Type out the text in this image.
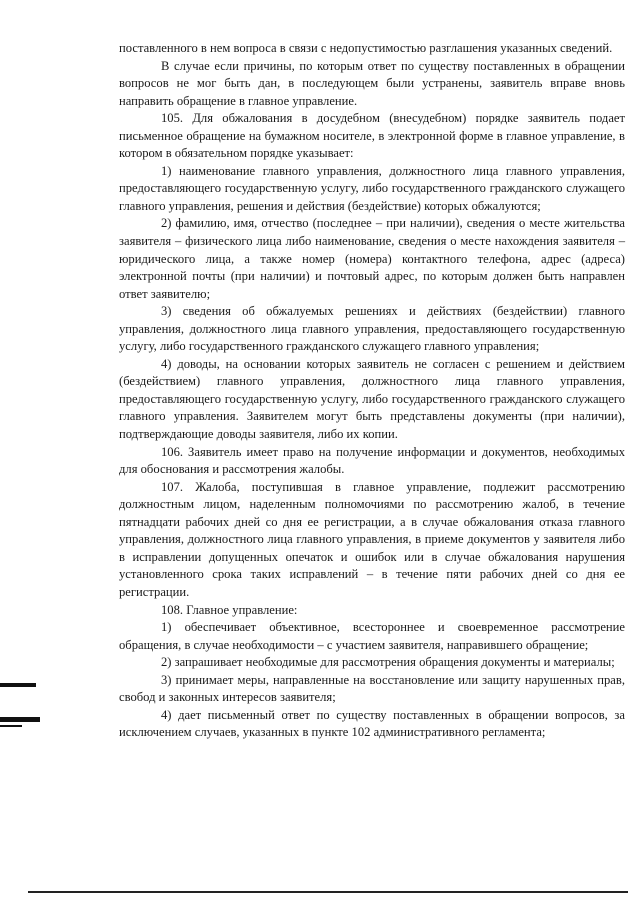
поставленного в нем вопроса в связи с недопустимостью разглашения указанных сведений.

В случае если причины, по которым ответ по существу поставленных в обращении вопросов не мог быть дан, в последующем были устранены, заявитель вправе вновь направить обращение в главное управление.

105. Для обжалования в досудебном (внесудебном) порядке заявитель подает письменное обращение на бумажном носителе, в электронной форме в главное управление, в котором в обязательном порядке указывает:

1) наименование главного управления, должностного лица главного управления, предоставляющего государственную услугу, либо государственного гражданского служащего главного управления, решения и действия (бездействие) которых обжалуются;

2) фамилию, имя, отчество (последнее – при наличии), сведения о месте жительства заявителя – физического лица либо наименование, сведения о месте нахождения заявителя – юридического лица, а также номер (номера) контактного телефона, адрес (адреса) электронной почты (при наличии) и почтовый адрес, по которым должен быть направлен ответ заявителю;

3) сведения об обжалуемых решениях и действиях (бездействии) главного управления, должностного лица главного управления, предоставляющего государственную услугу, либо государственного гражданского служащего главного управления;

4) доводы, на основании которых заявитель не согласен с решением и действием (бездействием) главного управления, должностного лица главного управления, предоставляющего государственную услугу, либо государственного гражданского служащего главного управления. Заявителем могут быть представлены документы (при наличии), подтверждающие доводы заявителя, либо их копии.

106. Заявитель имеет право на получение информации и документов, необходимых для обоснования и рассмотрения жалобы.

107. Жалоба, поступившая в главное управление, подлежит рассмотрению должностным лицом, наделенным полномочиями по рассмотрению жалоб, в течение пятнадцати рабочих дней со дня ее регистрации, а в случае обжалования отказа главного управления, должностного лица главного управления, в приеме документов у заявителя либо в исправлении допущенных опечаток и ошибок или в случае обжалования нарушения установленного срока таких исправлений – в течение пяти рабочих дней со дня ее регистрации.

108. Главное управление:

1) обеспечивает объективное, всестороннее и своевременное рассмотрение обращения, в случае необходимости – с участием заявителя, направившего обращение;

2) запрашивает необходимые для рассмотрения обращения документы и материалы;

3) принимает меры, направленные на восстановление или защиту нарушенных прав, свобод и законных интересов заявителя;

4) дает письменный ответ по существу поставленных в обращении вопросов, за исключением случаев, указанных в пункте 102 административного регламента;
